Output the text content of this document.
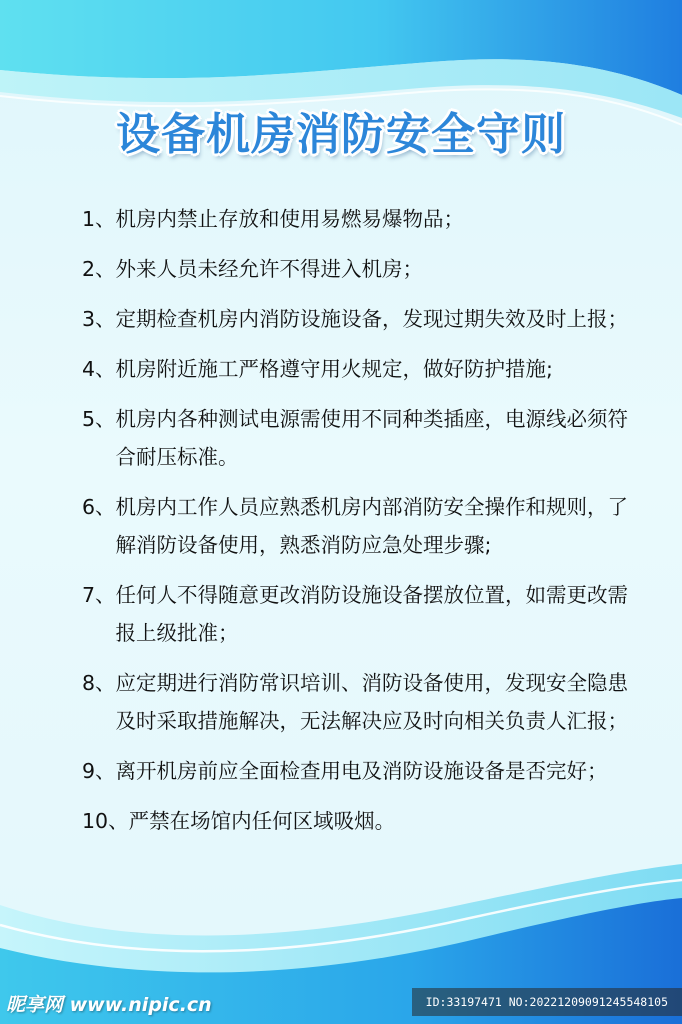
设备机房消防安全守则
1、 机房内禁止存放和使用易燃易爆物品；
2、 外来人员未经允许不得进入机房；
3、 定期检查机房内消防设施设备，发现过期失效及时上报；
4、 机房附近施工严格遵守用火规定，做好防护措施;
5、 机房内各种测试电源需使用不同种类插座，电源线必须符合耐压标准。
6、 机房内工作人员应熟悉机房内部消防安全操作和规则，了解消防设备使用，熟悉消防应急处理步骤;
7、 任何人不得随意更改消防设施设备摆放位置，如需更改需报上级批准；
8、 应定期进行消防常识培训、消防设备使用，发现安全隐患及时采取措施解决，无法解决应及时向相关负责人汇报；
9、 离开机房前应全面检查用电及消防设施设备是否完好；
10、 严禁在场馆内任何区域吸烟。
昵享网 www.nipic.cn	ID:33197471 NO:20221209091245548105
